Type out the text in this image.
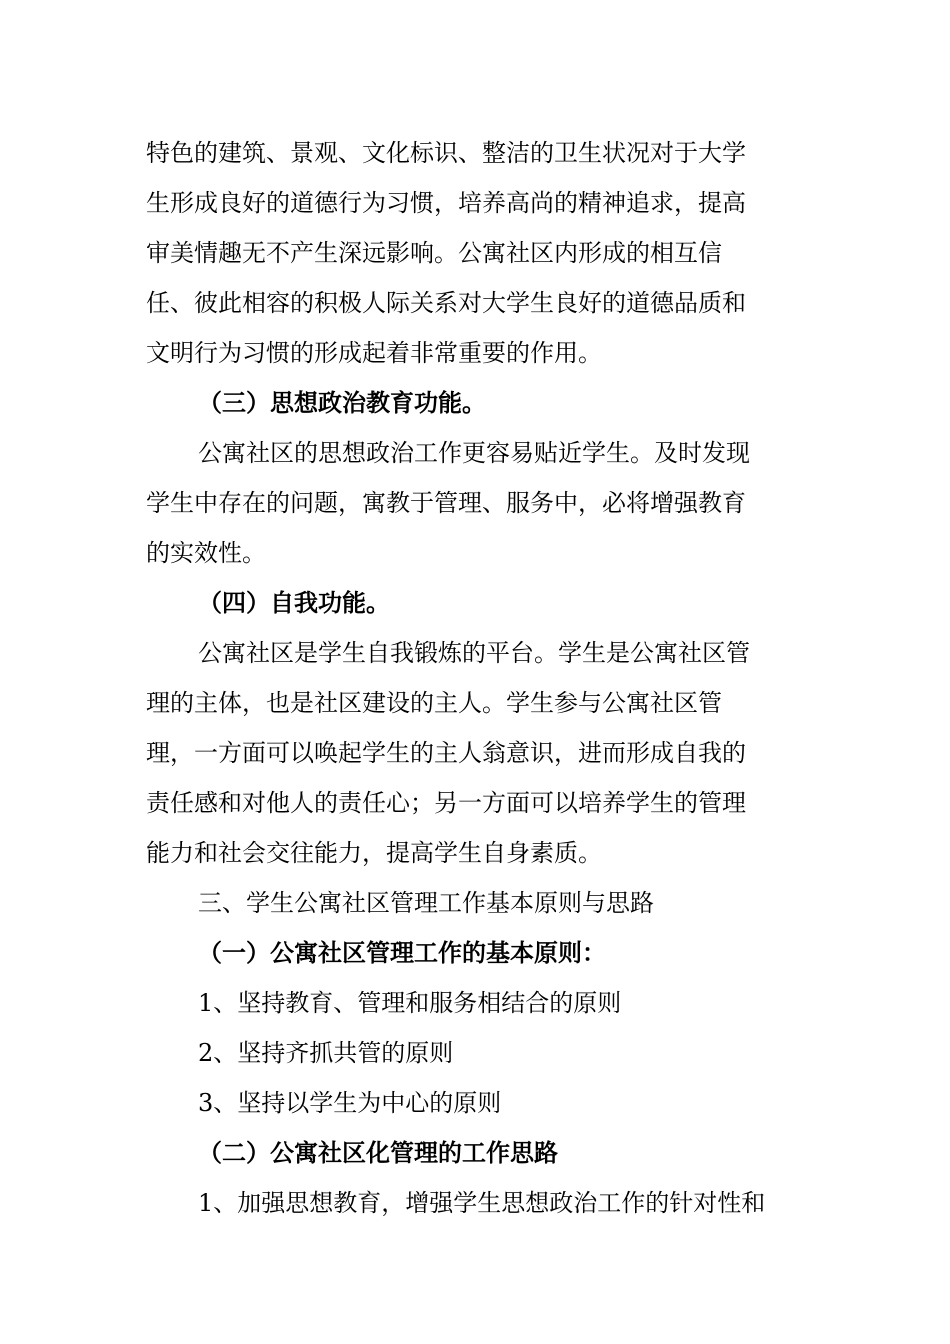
特色的建筑、景观、文化标识、整洁的卫生状况对于大学
生形成良好的道德行为习惯，培养高尚的精神追求，提高
审美情趣无不产生深远影响。公寓社区内形成的相互信
任、彼此相容的积极人际关系对大学生良好的道德品质和
文明行为习惯的形成起着非常重要的作用。
（三）思想政治教育功能。
公寓社区的思想政治工作更容易贴近学生。及时发现
学生中存在的问题，寓教于管理、服务中，必将增强教育
的实效性。
（四）自我功能。
公寓社区是学生自我锻炼的平台。学生是公寓社区管
理的主体，也是社区建设的主人。学生参与公寓社区管
理，一方面可以唤起学生的主人翁意识，进而形成自我的
责任感和对他人的责任心；另一方面可以培养学生的管理
能力和社会交往能力，提高学生自身素质。
三、学生公寓社区管理工作基本原则与思路
（一）公寓社区管理工作的基本原则：
1、坚持教育、管理和服务相结合的原则
2、坚持齐抓共管的原则
3、坚持以学生为中心的原则
（二）公寓社区化管理的工作思路
1、加强思想教育，增强学生思想政治工作的针对性和
